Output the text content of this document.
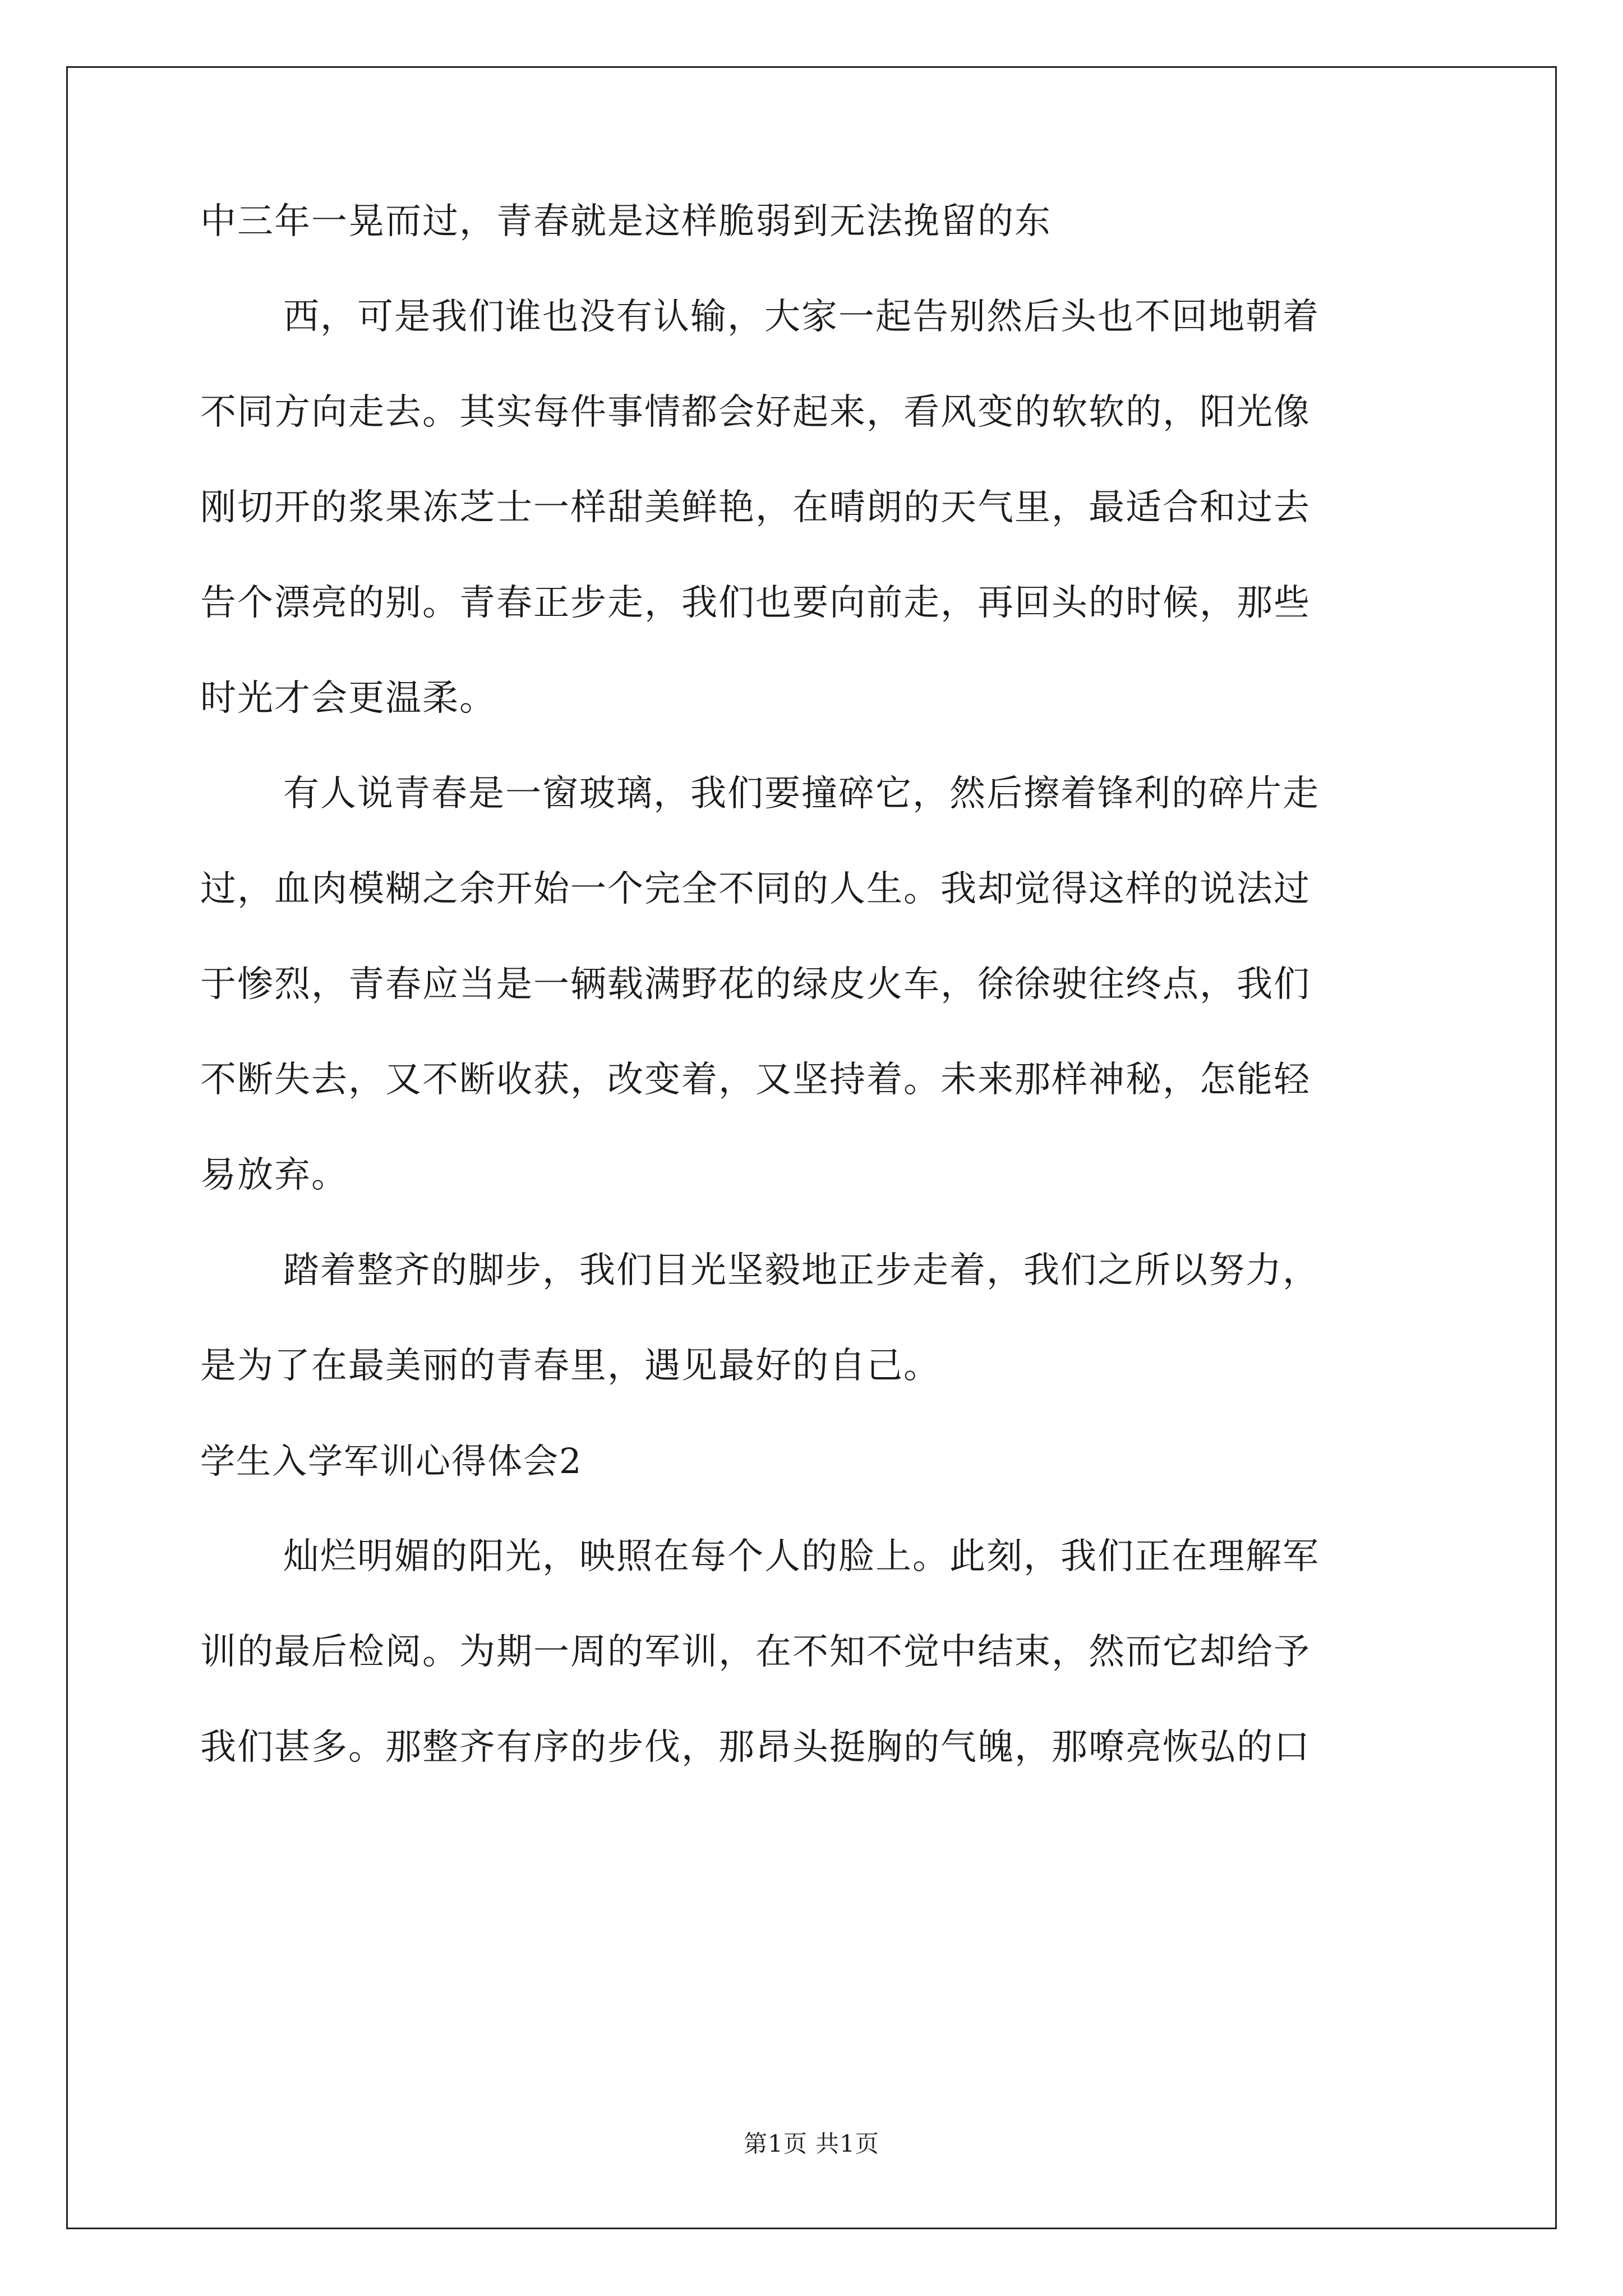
中三年一晃而过，青春就是这样脆弱到无法挽留的东
西，可是我们谁也没有认输，大家一起告别然后头也不回地朝着
不同方向走去。其实每件事情都会好起来，看风变的软软的，阳光像
刚切开的浆果冻芝士一样甜美鲜艳，在晴朗的天气里，最适合和过去
告个漂亮的别。青春正步走，我们也要向前走，再回头的时候，那些
时光才会更温柔。
有人说青春是一窗玻璃，我们要撞碎它，然后擦着锋利的碎片走
过，血肉模糊之余开始一个完全不同的人生。我却觉得这样的说法过
于惨烈，青春应当是一辆载满野花的绿皮火车，徐徐驶往终点，我们
不断失去，又不断收获，改变着，又坚持着。未来那样神秘，怎能轻
易放弃。
踏着整齐的脚步，我们目光坚毅地正步走着，我们之所以努力，
是为了在最美丽的青春里，遇见最好的自己。
学生入学军训心得体会2
灿烂明媚的阳光，映照在每个人的脸上。此刻，我们正在理解军
训的最后检阅。为期一周的军训，在不知不觉中结束，然而它却给予
我们甚多。那整齐有序的步伐，那昂头挺胸的气魄，那嘹亮恢弘的口
第1页 共1页
